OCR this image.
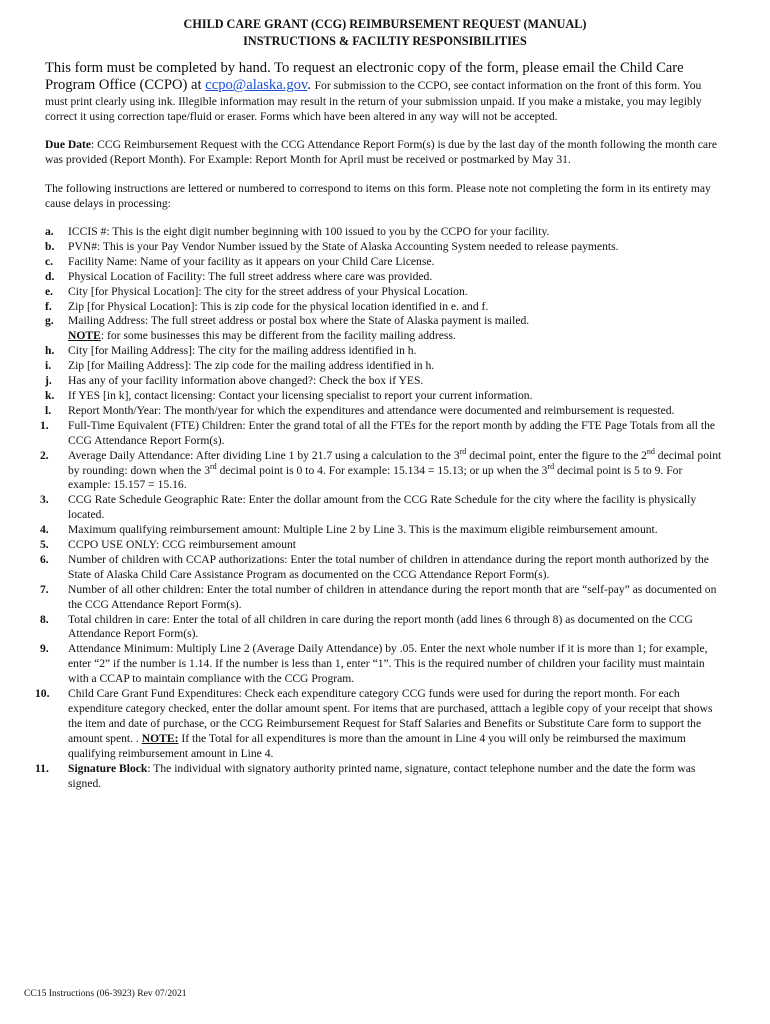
CHILD CARE GRANT (CCG) REIMBURSEMENT REQUEST (MANUAL)
INSTRUCTIONS & FACILTIY RESPONSIBILITIES

This form must be completed by hand. To request an electronic copy of the form, please email the Child Care Program Office (CCPO) at ccpo@alaska.gov. For submission to the CCPO, see contact information on the front of this form. You must print clearly using ink. Illegible information may result in the return of your submission unpaid. If you make a mistake, you may legibly correct it using correction tape/fluid or eraser. Forms which have been altered in any way will not be accepted.

Due Date: CCG Reimbursement Request with the CCG Attendance Report Form(s) is due by the last day of the month following the month care was provided (Report Month). For Example: Report Month for April must be received or postmarked by May 31.

The following instructions are lettered or numbered to correspond to items on this form. Please note not completing the form in its entirety may cause delays in processing:

a. ICCIS #: This is the eight digit number beginning with 100 issued to you by the CCPO for your facility.
b. PVN#: This is your Pay Vendor Number issued by the State of Alaska Accounting System needed to release payments.
c. Facility Name: Name of your facility as it appears on your Child Care License.
d. Physical Location of Facility: The full street address where care was provided.
e. City [for Physical Location]: The city for the street address of your Physical Location.
f. Zip [for Physical Location]: This is zip code for the physical location identified in e. and f.
g. Mailing Address: The full street address or postal box where the State of Alaska payment is mailed.
NOTE: for some businesses this may be different from the facility mailing address.
h. City [for Mailing Address]: The city for the mailing address identified in h.
i. Zip [for Mailing Address]: The zip code for the mailing address identified in h.
j. Has any of your facility information above changed?: Check the box if YES.
k. If YES [in k], contact licensing: Contact your licensing specialist to report your current information.
l. Report Month/Year: The month/year for which the expenditures and attendance were documented and reimbursement is requested.
1. Full-Time Equivalent (FTE) Children: Enter the grand total of all the FTEs for the report month by adding the FTE Page Totals from all the CCG Attendance Report Form(s).
2. Average Daily Attendance: After dividing Line 1 by 21.7 using a calculation to the 3rd decimal point, enter the figure to the 2nd decimal point by rounding: down when the 3rd decimal point is 0 to 4. For example: 15.134 = 15.13; or up when the 3rd decimal point is 5 to 9. For example: 15.157 = 15.16.
3. CCG Rate Schedule Geographic Rate: Enter the dollar amount from the CCG Rate Schedule for the city where the facility is physically located.
4. Maximum qualifying reimbursement amount: Multiple Line 2 by Line 3. This is the maximum eligible reimbursement amount.
5. CCPO USE ONLY: CCG reimbursement amount
6. Number of children with CCAP authorizations: Enter the total number of children in attendance during the report month authorized by the State of Alaska Child Care Assistance Program as documented on the CCG Attendance Report Form(s).
7. Number of all other children: Enter the total number of children in attendance during the report month that are “self-pay” as documented on the CCG Attendance Report Form(s).
8. Total children in care: Enter the total of all children in care during the report month (add lines 6 through 8) as documented on the CCG Attendance Report Form(s).
9. Attendance Minimum: Multiply Line 2 (Average Daily Attendance) by .05. Enter the next whole number if it is more than 1; for example, enter “2” if the number is 1.14. If the number is less than 1, enter “1”. This is the required number of children your facility must maintain with a CCAP to maintain compliance with the CCG Program.
10. Child Care Grant Fund Expenditures: Check each expenditure category CCG funds were used for during the report month. For each expenditure category checked, enter the dollar amount spent. For items that are purchased, atttach a legible copy of your receipt that shows the item and date of purchase, or the CCG Reimbursement Request for Staff Salaries and Benefits or Substitute Care form to support the amount spent. . NOTE: If the Total for all expenditures is more than the amount in Line 4 you will only be reimbursed the maximum qualifying reimbursement amount in Line 4.
11. Signature Block: The individual with signatory authority printed name, signature, contact telephone number and the date the form was signed.
CC15 Instructions (06-3923) Rev 07/2021
